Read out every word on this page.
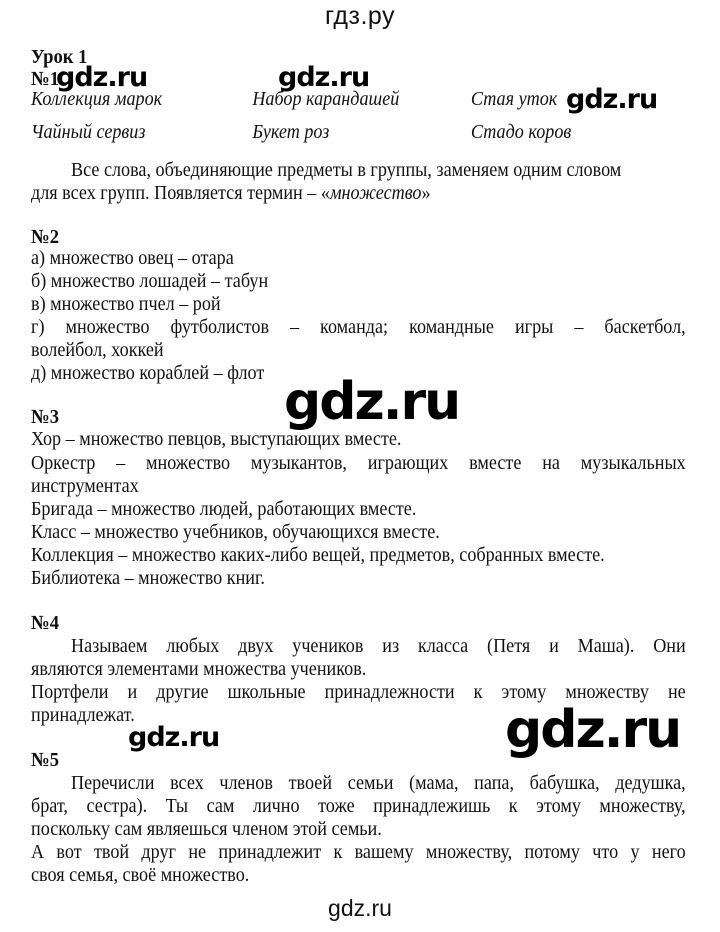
гдз.ру
Урок 1
№1
Коллекция марок	Набор карандашей	Стая уток
Чайный сервиз	Букет роз	Стадо коров
Все слова, объединяющие предметы в группы, заменяем одним словом
для всех групп. Появляется термин – «множество»
№2
а) множество овец – отара
б) множество лошадей – табун
в) множество пчел – рой
г) множество футболистов – команда; командные игры – баскетбол,
волейбол, хоккей
д) множество кораблей – флот
№3
Хор – множество певцов, выступающих вместе.
Оркестр – множество музыкантов, играющих вместе на музыкальных
инструментах
Бригада – множество людей, работающих вместе.
Класс – множество учебников, обучающихся вместе.
Коллекция – множество каких-либо вещей, предметов, собранных вместе.
Библиотека – множество книг.
№4
Называем любых двух учеников из класса (Петя и Маша). Они
являются элементами множества учеников.
Портфели и другие школьные принадлежности к этому множеству не
принадлежат.
№5
Перечисли всех членов твоей семьи (мама, папа, бабушка, дедушка,
брат, сестра). Ты сам лично тоже принадлежишь к этому множеству,
поскольку сам являешься членом этой семьи.
А вот твой друг не принадлежит к вашему множеству, потому что у него
своя семья, своё множество.
gdz.ru	gdz.ru
gdz.ru
gdz.ru
gdz.ru	gdz.ru
gdz.ru
